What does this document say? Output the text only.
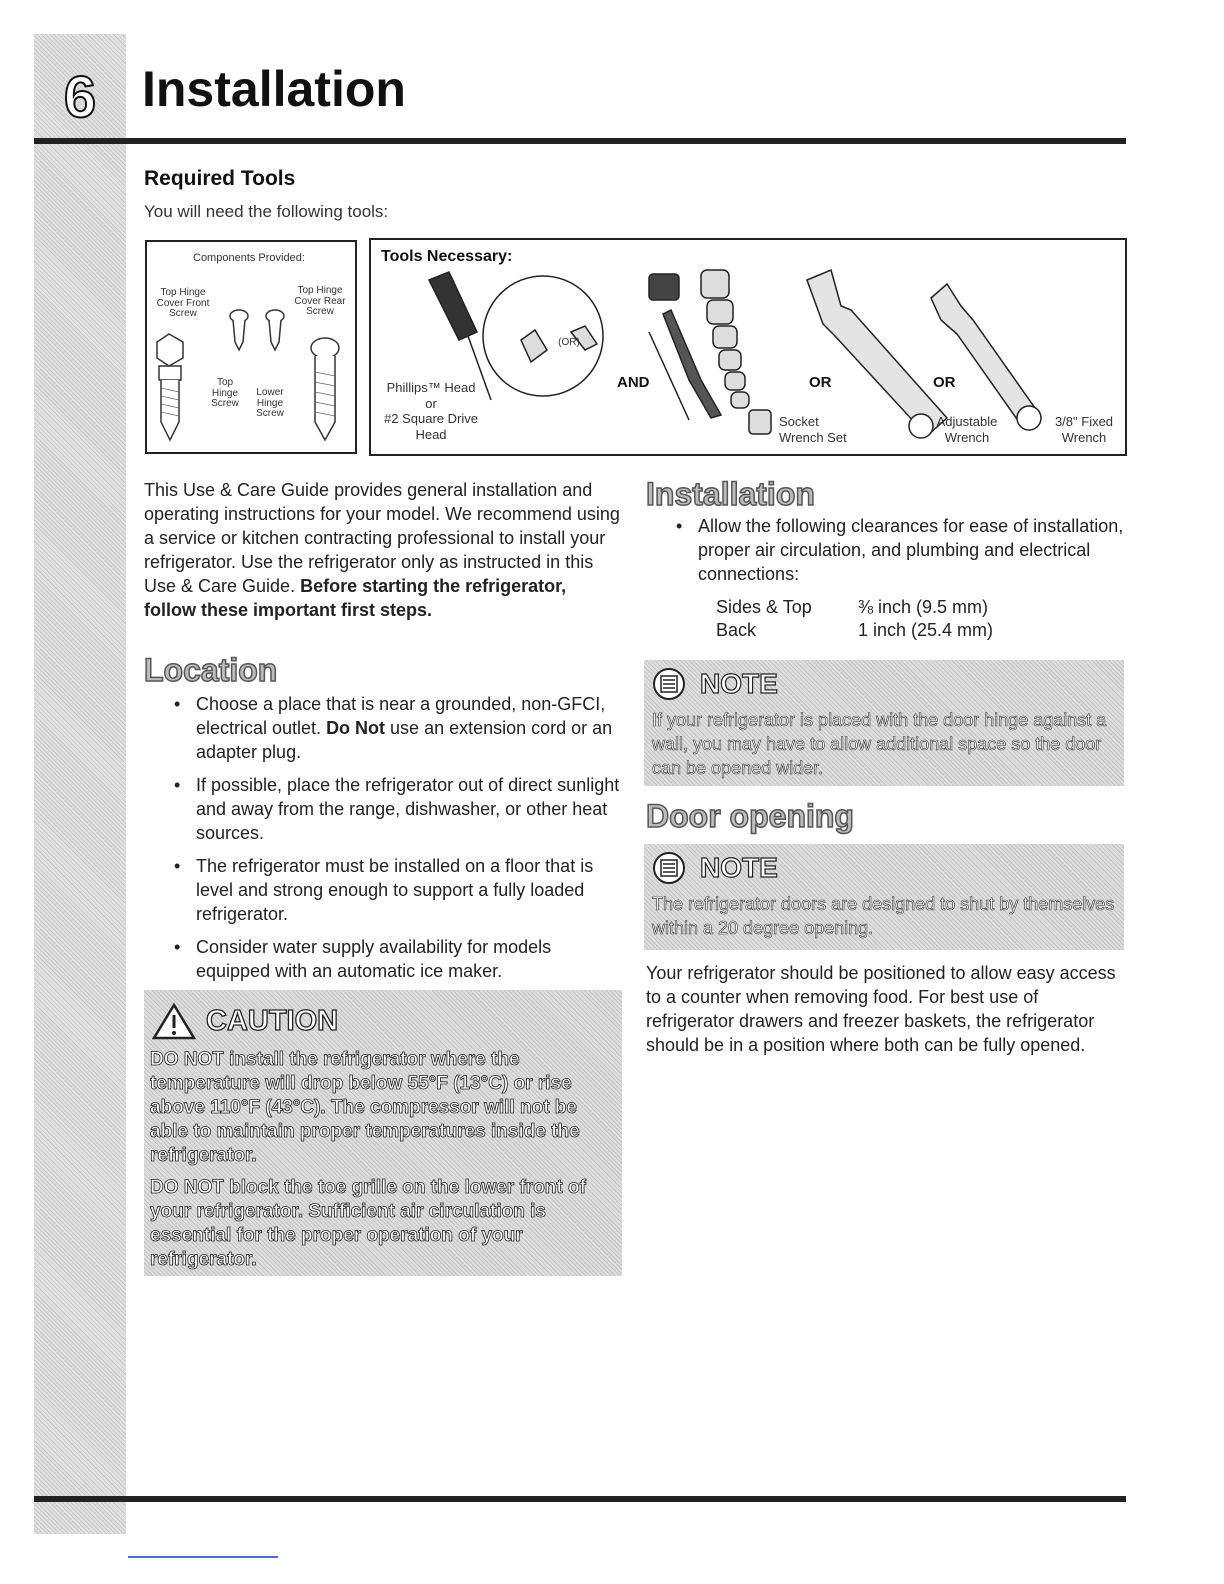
6 Installation
Required Tools
You will need the following tools:
Components Provided:
Top Hinge
Cover Front
Screw
Top Hinge
Cover Rear
Screw
Top
Hinge
Screw
Lower
Hinge
Screw
Tools Necessary:
(OR)
Phillips™ Head
or
#2 Square Drive
Head
AND	OR	OR
Socket
Wrench Set
Adjustable
Wrench
3/8" Fixed
Wrench
This Use & Care Guide provides general installation and operating instructions for your model. We recommend using a service or kitchen contracting professional to install your refrigerator. Use the refrigerator only as instructed in this Use & Care Guide. Before starting the refrigerator, follow these important first steps.
Location
• Choose a place that is near a grounded, non-GFCI, electrical outlet. Do Not use an extension cord or an adapter plug.
• If possible, place the refrigerator out of direct sunlight and away from the range, dishwasher, or other heat sources.
• The refrigerator must be installed on a floor that is level and strong enough to support a fully loaded refrigerator.
• Consider water supply availability for models equipped with an automatic ice maker.
CAUTION

DO NOT install the refrigerator where the temperature will drop below 55°F (13°C) or rise above 110°F (43°C). The compressor will not be able to maintain proper temperatures inside the refrigerator.

DO NOT block the toe grille on the lower front of your refrigerator. Sufficient air circulation is essential for the proper operation of your refrigerator.

Installation
• Allow the following clearances for ease of installation, proper air circulation, and plumbing and electrical connections:
Sides & Top	⅜ inch (9.5 mm)
Back	1 inch (25.4 mm)
NOTE
If your refrigerator is placed with the door hinge against a wall, you may have to allow additional space so the door can be opened wider.
Door opening
NOTE
The refrigerator doors are designed to shut by themselves within a 20 degree opening.
Your refrigerator should be positioned to allow easy access to a counter when removing food. For best use of refrigerator drawers and freezer baskets, the refrigerator should be in a position where both can be fully opened.
